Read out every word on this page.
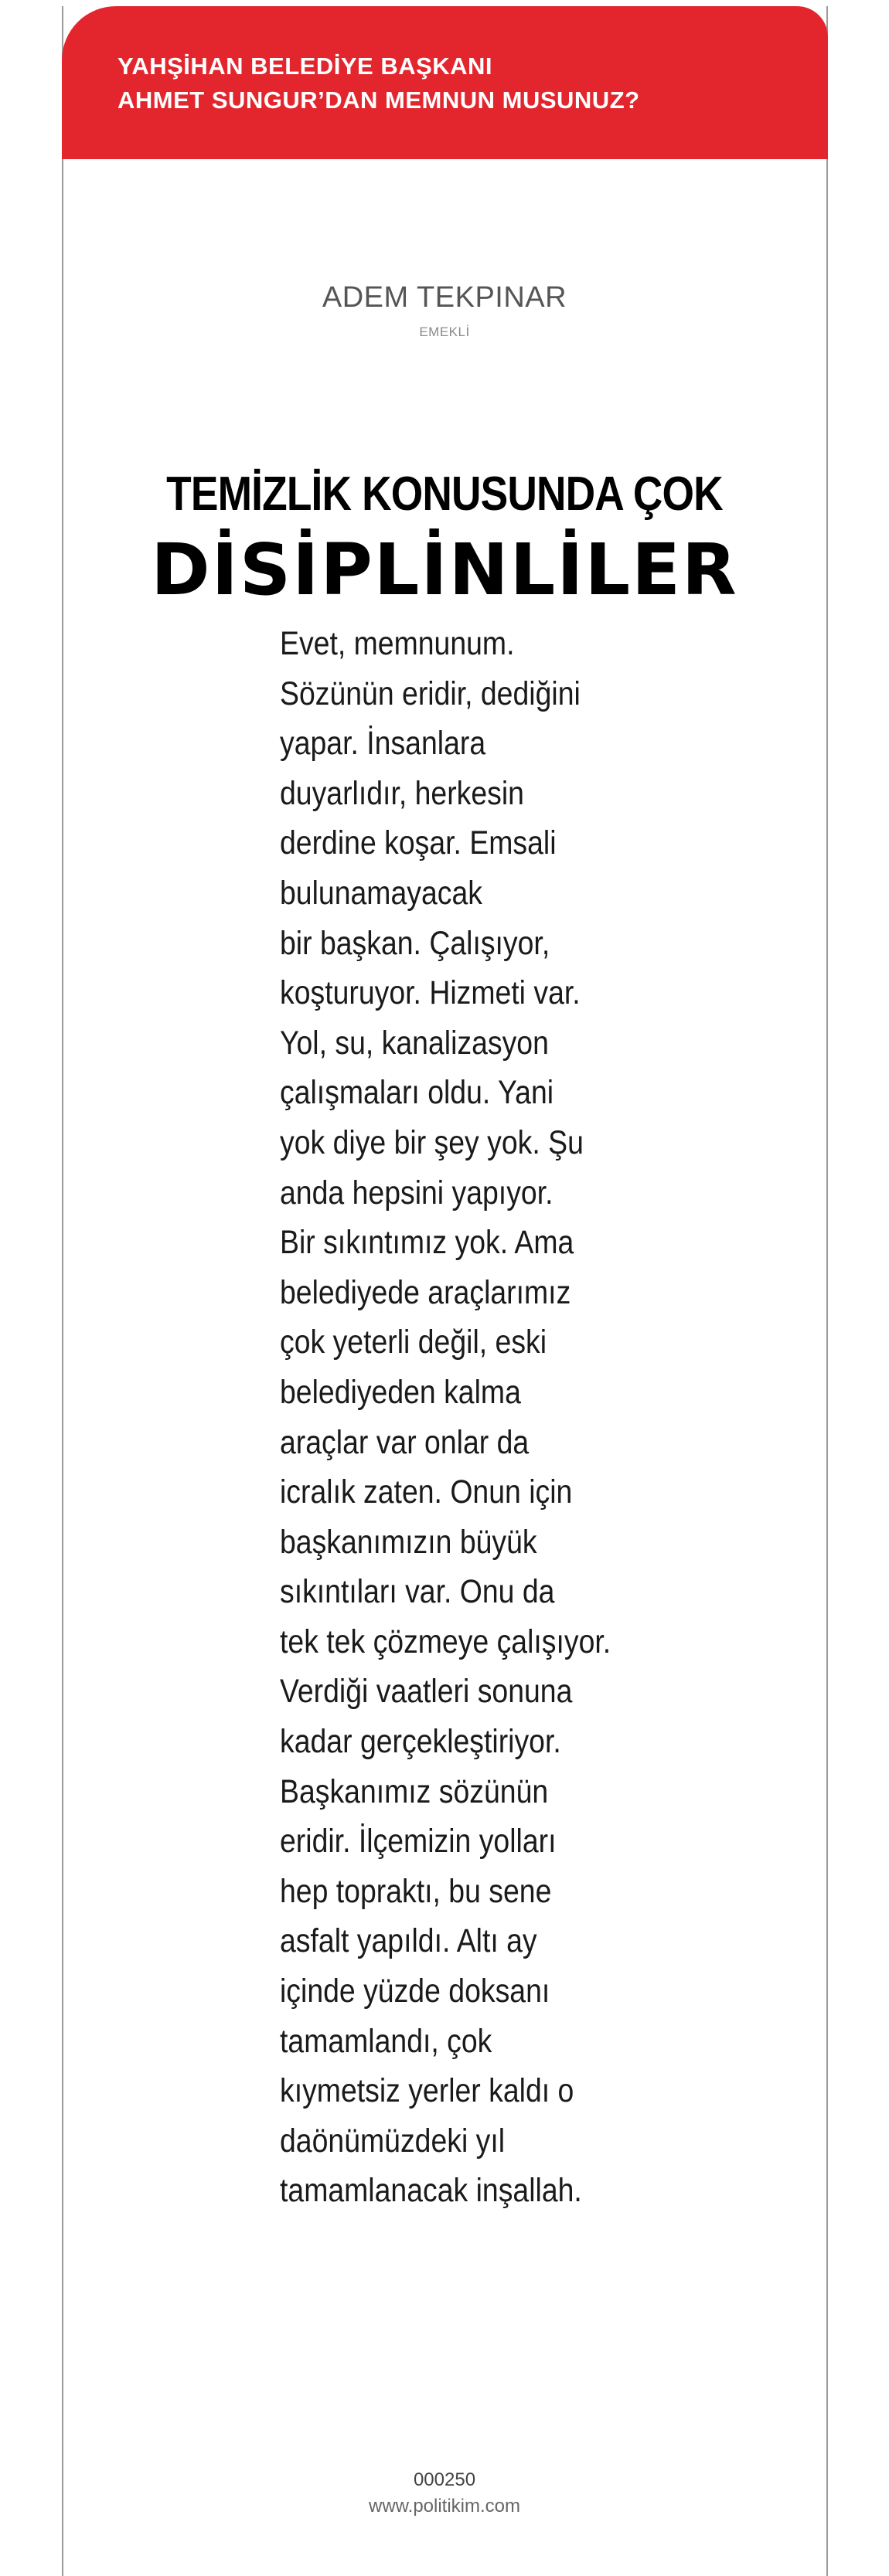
YAHŞİHAN BELEDİYE BAŞKANI
AHMET SUNGUR’DAN MEMNUN MUSUNUZ?
ADEM TEKPINAR
EMEKLİ
TEMİZLİK KONUSUNDA ÇOK
DİSİPLİNLİLER
Evet, memnunum.
Sözünün eridir, dediğini
yapar. İnsanlara
duyarlıdır, herkesin
derdine koşar. Emsali
bulunamayacak
bir başkan. Çalışıyor,
koşturuyor. Hizmeti var.
Yol, su, kanalizasyon
çalışmaları oldu. Yani
yok diye bir şey yok. Şu
anda hepsini yapıyor.
Bir sıkıntımız yok. Ama
belediyede araçlarımız
çok yeterli değil, eski
belediyeden kalma
araçlar var onlar da
icralık zaten. Onun için
başkanımızın büyük
sıkıntıları var. Onu da
tek tek çözmeye çalışıyor.
Verdiği vaatleri sonuna
kadar gerçekleştiriyor.
Başkanımız sözünün
eridir. İlçemizin yolları
hep topraktı, bu sene
asfalt yapıldı. Altı ay
içinde yüzde doksanı
tamamlandı, çok
kıymetsiz yerler kaldı o
daönümüzdeki yıl
tamamlanacak inşallah.
000250
www.politikim.com
